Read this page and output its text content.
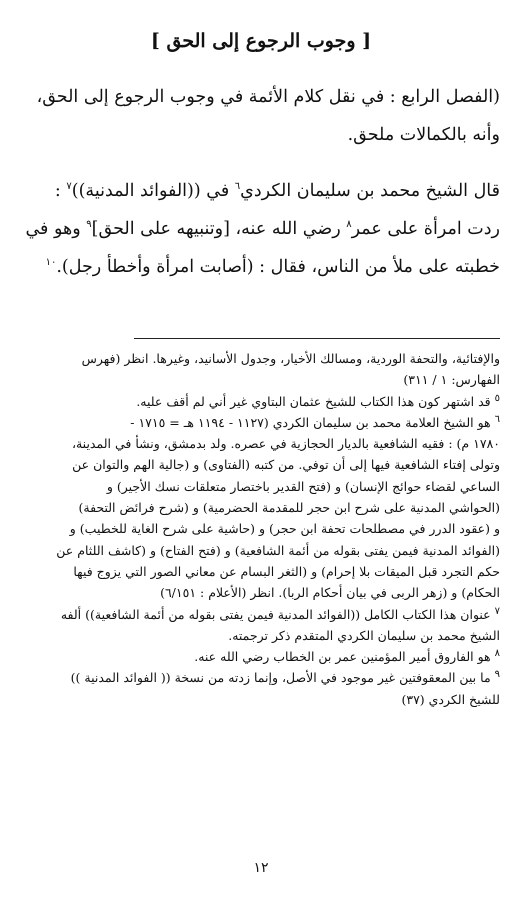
[ وجوب الرجوع إلى الحق ]

(الفصل الرابع : في نقل كلام الأئمة في وجوب الرجوع إلى الحق،
وأنه بالكمالات ملحق.

قال الشيخ محمد بن سليمان الكردي$^٦$ في ((الفوائد المدنية))$^٧$ :
ردت امرأة على عمر$^٨$ رضي الله عنه، [وتنبيهه على الحق]$^٩$ وهو في
خطبته على ملأ من الناس، فقال : (أصابت امرأة وأخطأ رجل).$^{١٠}$

والإفتائية، والتحفة الوردية، ومسالك الأخيار، وجدول الأسانيد، وغيرها. انظر (فهرس
الفهارس: ١ / ٣١١)

$^٥$ قد اشتهر كون هذا الكتاب للشيخ عثمان البتاوي غير أني لم أقف عليه.

$^٦$ هو الشيخ العلامة محمد بن سليمان الكردي (١١٢٧ - ١١٩٤ هـ = ١٧١٥ -
١٧٨٠ م) : فقيه الشافعية بالديار الحجازية في عصره. ولد بدمشق، ونشأ في المدينة،
وتولى إفتاء الشافعية فيها إلى أن توفي. من كتبه (الفتاوى) و (جالية الهم والتوان عن
الساعي لقضاء حوائج الإنسان) و (فتح القدير باختصار متعلقات نسك الأجير) و
(الحواشي المدنية على شرح ابن حجر للمقدمة الحضرمية) و (شرح فرائض التحفة)
و (عقود الدرر في مصطلحات تحفة ابن حجر) و (حاشية على شرح الغاية للخطيب) و
(الفوائد المدنية فيمن يفتى بقوله من أئمة الشافعية) و (فتح الفتاح) و (كاشف اللثام عن
حكم التجرد قبل الميقات بلا إحرام) و (الثغر البسام عن معاني الصور التي يزوج فيها
الحكام) و (زهر الربى في بيان أحكام الربا). انظر (الأعلام : ٦/١٥١)

$^٧$ عنوان هذا الكتاب الكامل ((الفوائد المدنية فيمن يفتى بقوله من أئمة الشافعية)) ألفه
الشيخ محمد بن سليمان الكردي المتقدم ذكر ترجمته.

$^٨$ هو الفاروق أمير المؤمنين عمر بن الخطاب رضي الله عنه.

$^٩$ ما بين المعقوفتين غير موجود في الأصل، وإنما زدته من نسخة (( الفوائد المدنية ))
للشيخ الكردي (٣٧)

١٢
